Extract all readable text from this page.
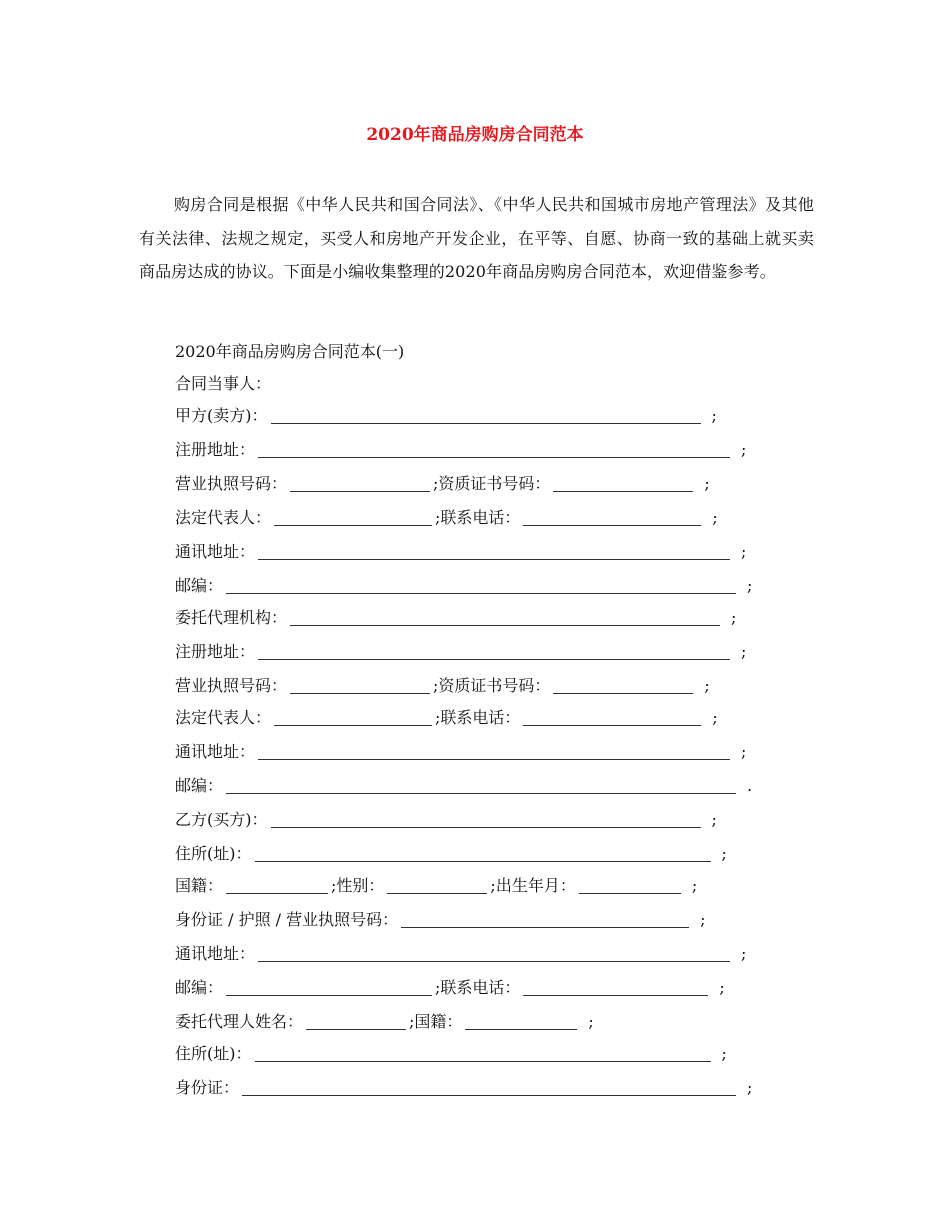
2020年商品房购房合同范本
购房合同是根据《中华人民共和国合同法》、《中华人民共和国城市房地产管理法》及其他有关法律、法规之规定，买受人和房地产开发企业，在平等、自愿、协商一致的基础上就买卖商品房达成的协议。下面是小编收集整理的2020年商品房购房合同范本，欢迎借鉴参考。
2020年商品房购房合同范本(一)
合同当事人：
甲方(卖方)：	;
注册地址：	;
营业执照号码：	;资质证书号码：	;
法定代表人：	;联系电话：	;
通讯地址：	;
邮编：	;
委托代理机构：	;
注册地址：	;
营业执照号码：	;资质证书号码：	;
法定代表人：	;联系电话：	;
通讯地址：	;
邮编：	.
乙方(买方)：	;
住所(址)：	;
国籍：	;性别：	;出生年月：	;
身份证 / 护照 / 营业执照号码：	;
通讯地址：	;
邮编：	;联系电话：	;
委托代理人姓名：	;国籍：	;
住所(址)：	;
身份证：	;
